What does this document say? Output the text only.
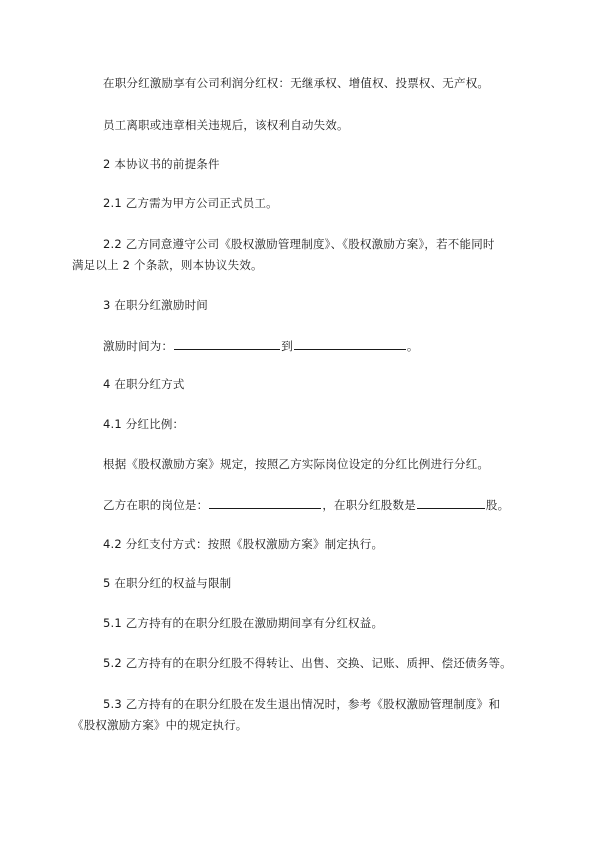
在职分红激励享有公司利润分红权：无继承权、增值权、投票权、无产权。
员工离职或违章相关违规后，该权利自动失效。
2 本协议书的前提条件
2.1 乙方需为甲方公司正式员工。
2.2 乙方同意遵守公司《股权激励管理制度》、《股权激励方案》，若不能同时
满足以上 2 个条款，则本协议失效。
3 在职分红激励时间
激励时间为：	到	。
4 在职分红方式
4.1 分红比例：
根据《股权激励方案》规定，按照乙方实际岗位设定的分红比例进行分红。
乙方在职的岗位是：	，在职分红股数是	股。
4.2 分红支付方式：按照《股权激励方案》制定执行。
5 在职分红的权益与限制
5.1 乙方持有的在职分红股在激励期间享有分红权益。
5.2 乙方持有的在职分红股不得转让、出售、交换、记账、质押、偿还债务等。
5.3 乙方持有的在职分红股在发生退出情况时，参考《股权激励管理制度》和
《股权激励方案》中的规定执行。
